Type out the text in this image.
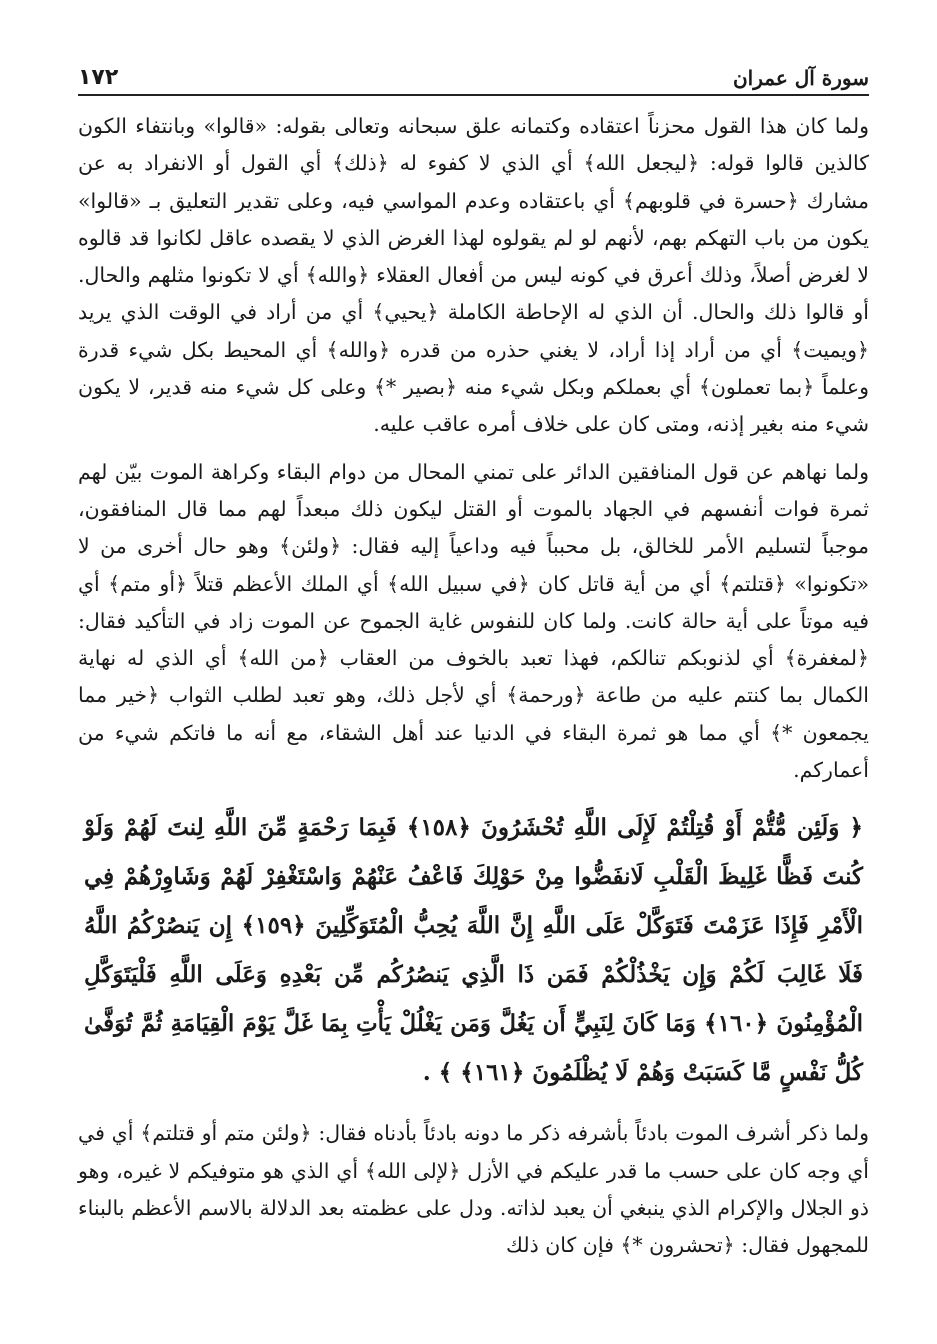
سورة آل عمران
١٧٢

ولما كان هذا القول محزناً اعتقاده وكتمانه علق سبحانه وتعالى بقوله: «قالوا» وبانتفاء الكون كالذين قالوا قوله: ﴿ليجعل الله﴾ أي الذي لا كفوء له ﴿ذلك﴾ أي القول أو الانفراد به عن مشارك ﴿حسرة في قلوبهم﴾ أي باعتقاده وعدم المواسي فيه، وعلى تقدير التعليق بـ «قالوا» يكون من باب التهكم بهم، لأنهم لو لم يقولوه لهذا الغرض الذي لا يقصده عاقل لكانوا قد قالوه لا لغرض أصلاً، وذلك أعرق في كونه ليس من أفعال العقلاء ﴿والله﴾ أي لا تكونوا مثلهم والحال. أو قالوا ذلك والحال. أن الذي له الإحاطة الكاملة ﴿يحيي﴾ أي من أراد في الوقت الذي يريد ﴿ويميت﴾ أي من أراد إذا أراد، لا يغني حذره من قدره ﴿والله﴾ أي المحيط بكل شيء قدرة وعلماً ﴿بما تعملون﴾ أي بعملكم وبكل شيء منه ﴿بصير *﴾ وعلى كل شيء منه قدير، لا يكون شيء منه بغير إذنه، ومتى كان على خلاف أمره عاقب عليه.

ولما نهاهم عن قول المنافقين الدائر على تمني المحال من دوام البقاء وكراهة الموت بيّن لهم ثمرة فوات أنفسهم في الجهاد بالموت أو القتل ليكون ذلك مبعداً لهم مما قال المنافقون، موجباً لتسليم الأمر للخالق، بل محبباً فيه وداعياً إليه فقال: ﴿ولئن﴾ وهو حال أخرى من لا «تكونوا» ﴿قتلتم﴾ أي من أية قاتل كان ﴿في سبيل الله﴾ أي الملك الأعظم قتلاً ﴿أو متم﴾ أي فيه موتاً على أية حالة كانت. ولما كان للنفوس غاية الجموح عن الموت زاد في التأكيد فقال: ﴿لمغفرة﴾ أي لذنوبكم تنالكم، فهذا تعبد بالخوف من العقاب ﴿من الله﴾ أي الذي له نهاية الكمال بما كنتم عليه من طاعة ﴿ورحمة﴾ أي لأجل ذلك، وهو تعبد لطلب الثواب ﴿خير مما يجمعون *﴾ أي مما هو ثمرة البقاء في الدنيا عند أهل الشقاء، مع أنه ما فاتكم شيء من أعماركم.

﴿ وَلَئِن مُّتُّمْ أَوْ قُتِلْتُمْ لَإِلَى اللَّهِ تُحْشَرُونَ ﴿١٥٨﴾ فَبِمَا رَحْمَةٍ مِّنَ اللَّهِ لِنتَ لَهُمْ وَلَوْ كُنتَ فَظًّا غَلِيظَ الْقَلْبِ لَانفَضُّوا مِنْ حَوْلِكَ فَاعْفُ عَنْهُمْ وَاسْتَغْفِرْ لَهُمْ وَشَاوِرْهُمْ فِي الْأَمْرِ فَإِذَا عَزَمْتَ فَتَوَكَّلْ عَلَى اللَّهِ إِنَّ اللَّهَ يُحِبُّ الْمُتَوَكِّلِينَ ﴿١٥٩﴾ إِن يَنصُرْكُمُ اللَّهُ فَلَا غَالِبَ لَكُمْ وَإِن يَخْذُلْكُمْ فَمَن ذَا الَّذِي يَنصُرُكُم مِّن بَعْدِهِ وَعَلَى اللَّهِ فَلْيَتَوَكَّلِ الْمُؤْمِنُونَ ﴿١٦٠﴾ وَمَا كَانَ لِنَبِيٍّ أَن يَغُلَّ وَمَن يَغْلُلْ يَأْتِ بِمَا غَلَّ يَوْمَ الْقِيَامَةِ ثُمَّ تُوَفَّىٰ كُلُّ نَفْسٍ مَّا كَسَبَتْ وَهُمْ لَا يُظْلَمُونَ ﴿١٦١﴾ ﴾ .

ولما ذكر أشرف الموت بادئاً بأشرفه ذكر ما دونه بادئاً بأدناه فقال: ﴿ولئن متم أو قتلتم﴾ أي في أي وجه كان على حسب ما قدر عليكم في الأزل ﴿لإلى الله﴾ أي الذي هو متوفيكم لا غيره، وهو ذو الجلال والإكرام الذي ينبغي أن يعبد لذاته. ودل على عظمته بعد الدلالة بالاسم الأعظم بالبناء للمجهول فقال: ﴿تحشرون *﴾ فإن كان ذلك
